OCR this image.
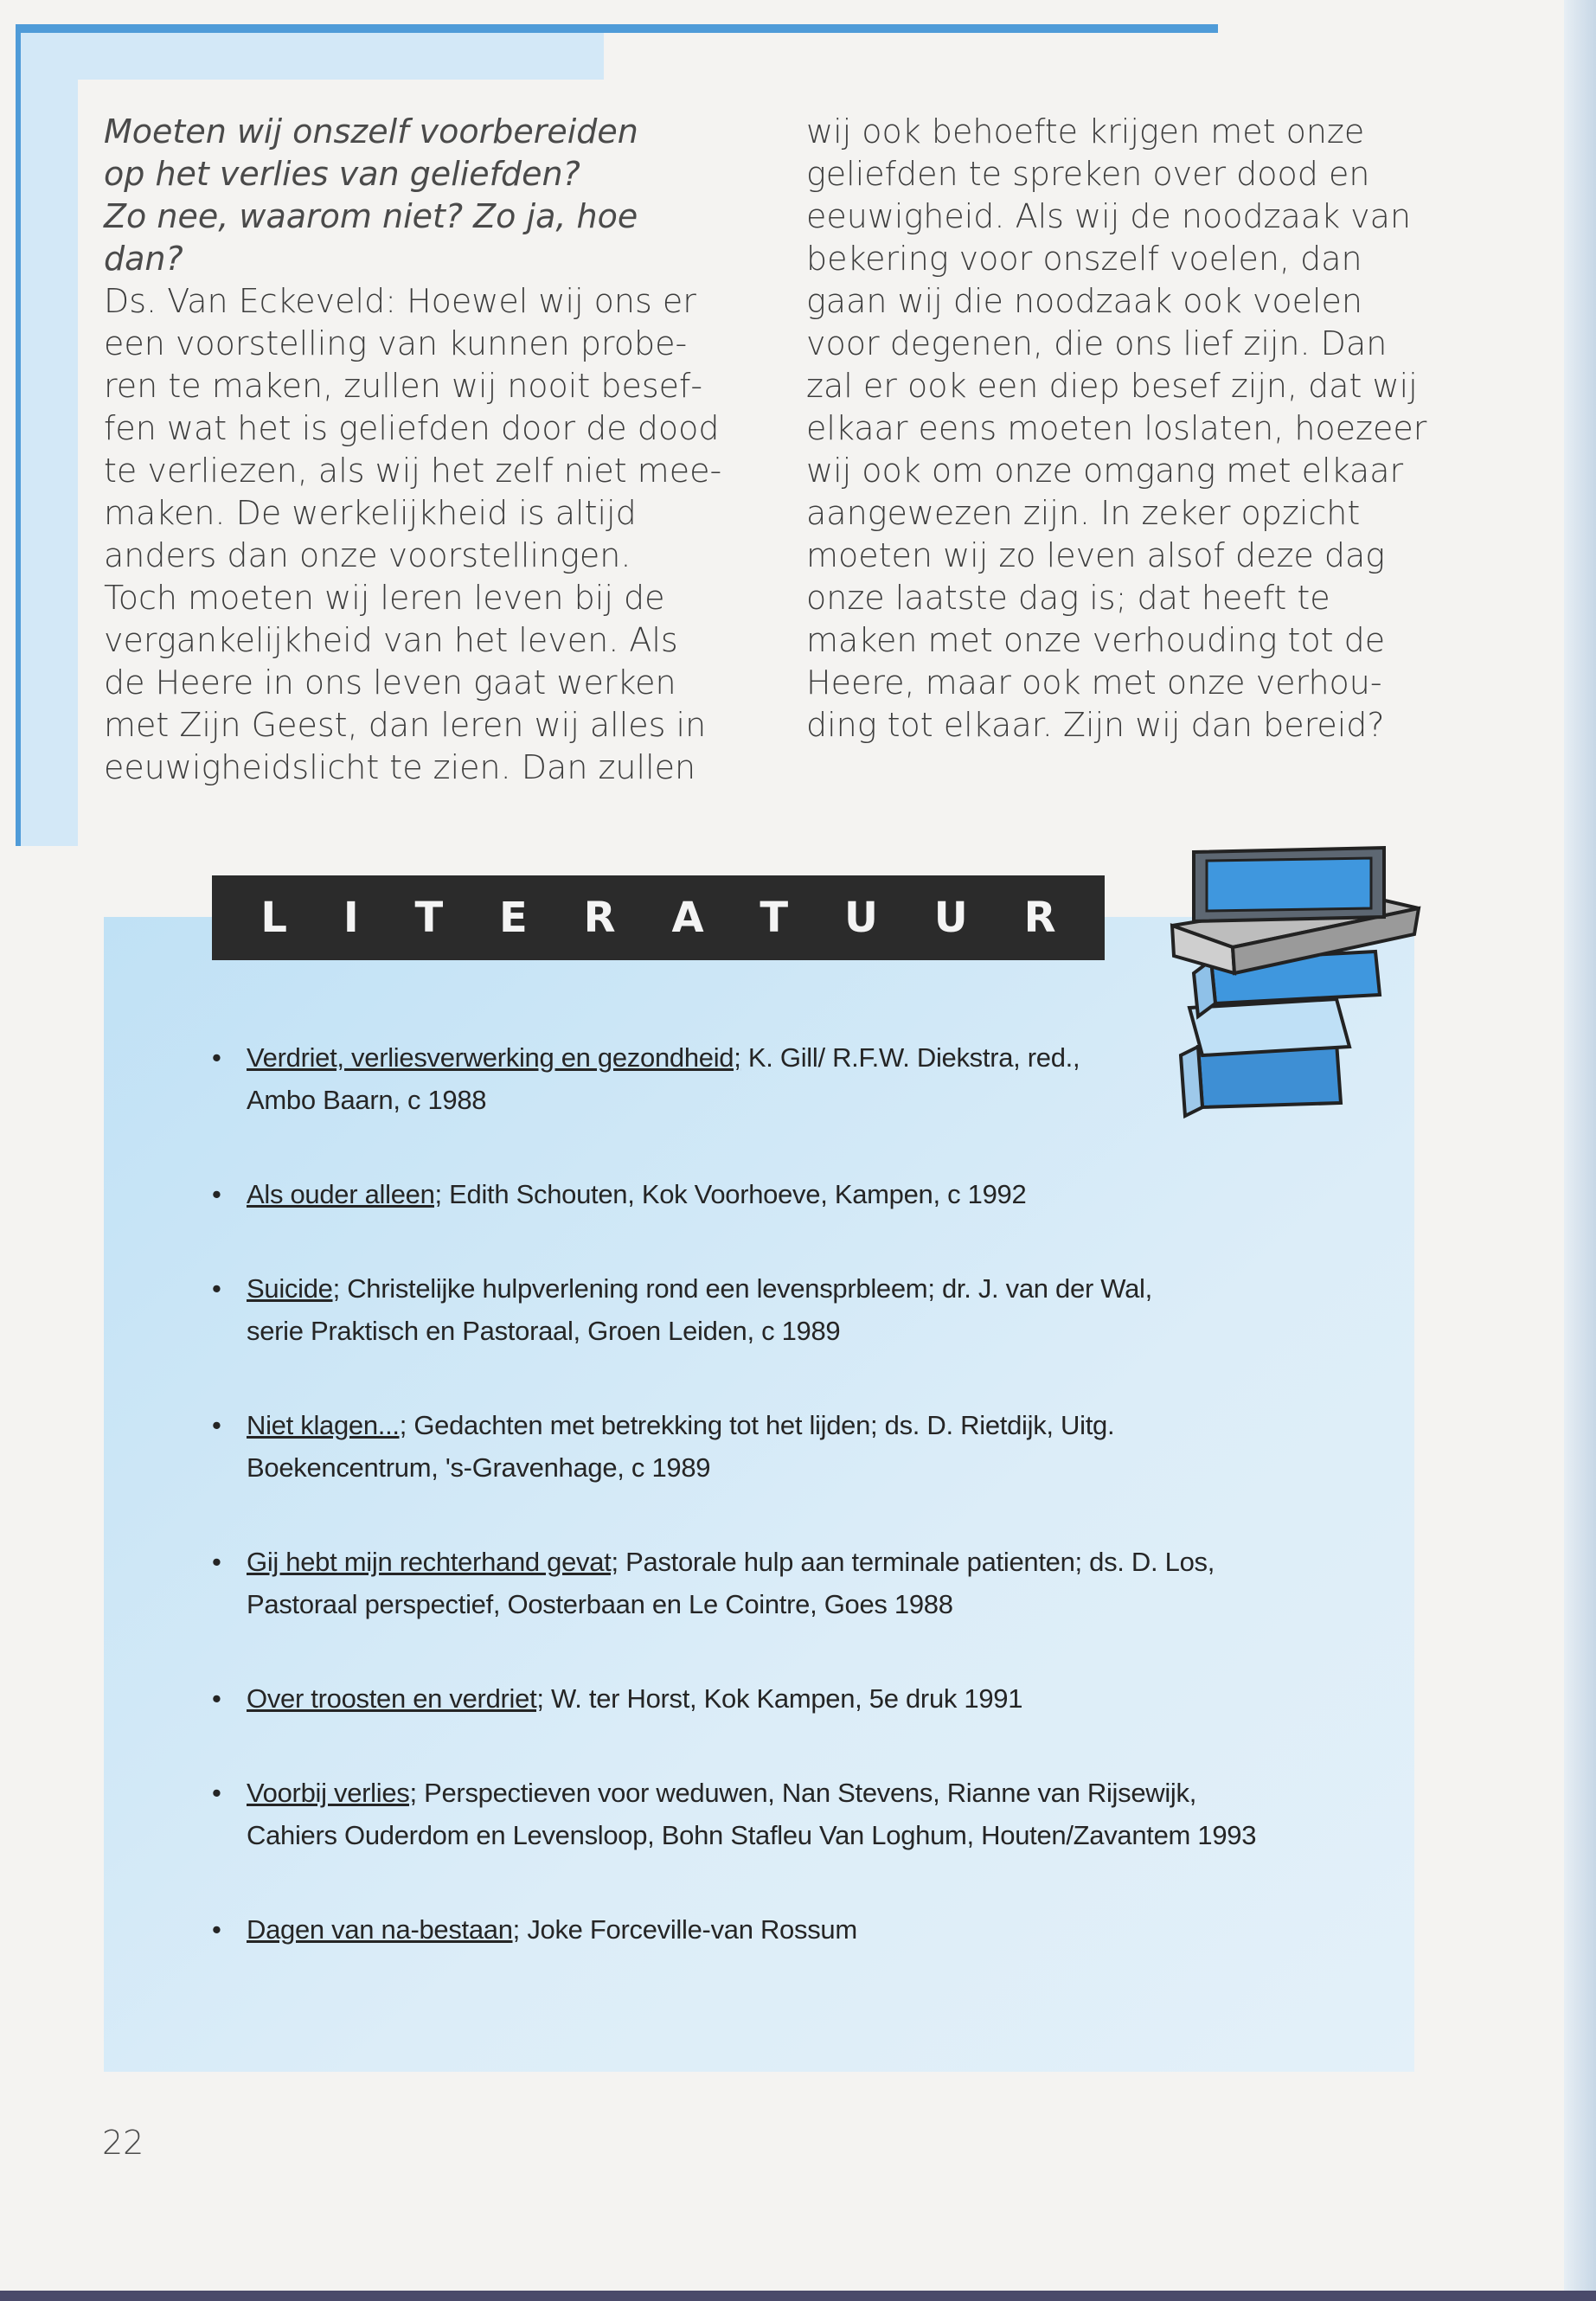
Moeten wij onszelf voorbereiden
op het verlies van geliefden?
Zo nee, waarom niet? Zo ja, hoe
dan?

Ds. Van Eckeveld: Hoewel wij ons er
een voorstelling van kunnen probe-
ren te maken, zullen wij nooit besef-
fen wat het is geliefden door de dood
te verliezen, als wij het zelf niet mee-
maken. De werkelijkheid is altijd
anders dan onze voorstellingen.
Toch moeten wij leren leven bij de
vergankelijkheid van het leven. Als
de Heere in ons leven gaat werken
met Zijn Geest, dan leren wij alles in
eeuwigheidslicht te zien. Dan zullen

wij ook behoefte krijgen met onze
geliefden te spreken over dood en
eeuwigheid. Als wij de noodzaak van
bekering voor onszelf voelen, dan
gaan wij die noodzaak ook voelen
voor degenen, die ons lief zijn. Dan
zal er ook een diep besef zijn, dat wij
elkaar eens moeten loslaten, hoezeer
wij ook om onze omgang met elkaar
aangewezen zijn. In zeker opzicht
moeten wij zo leven alsof deze dag
onze laatste dag is; dat heeft te
maken met onze verhouding tot de
Heere, maar ook met onze verhou-
ding tot elkaar. Zijn wij dan bereid?

L I T E R A T U U R
• Verdriet, verliesverwerking en gezondheid; K. Gill/ R.F.W. Diekstra, red.,
Ambo Baarn, c 1988
• Als ouder alleen; Edith Schouten, Kok Voorhoeve, Kampen, c 1992
• Suicide; Christelijke hulpverlening rond een levensprbleem; dr. J. van der Wal,
serie Praktisch en Pastoraal, Groen Leiden, c 1989
• Niet klagen...; Gedachten met betrekking tot het lijden; ds. D. Rietdijk, Uitg.
Boekencentrum, 's-Gravenhage, c 1989
• Gij hebt mijn rechterhand gevat; Pastorale hulp aan terminale patienten; ds. D. Los,
Pastoraal perspectief, Oosterbaan en Le Cointre, Goes 1988
• Over troosten en verdriet; W. ter Horst, Kok Kampen, 5e druk 1991
• Voorbij verlies; Perspectieven voor weduwen, Nan Stevens, Rianne van Rijsewijk,
Cahiers Ouderdom en Levensloop, Bohn Stafleu Van Loghum, Houten/Zavantem 1993
• Dagen van na-bestaan; Joke Forceville-van Rossum
22
